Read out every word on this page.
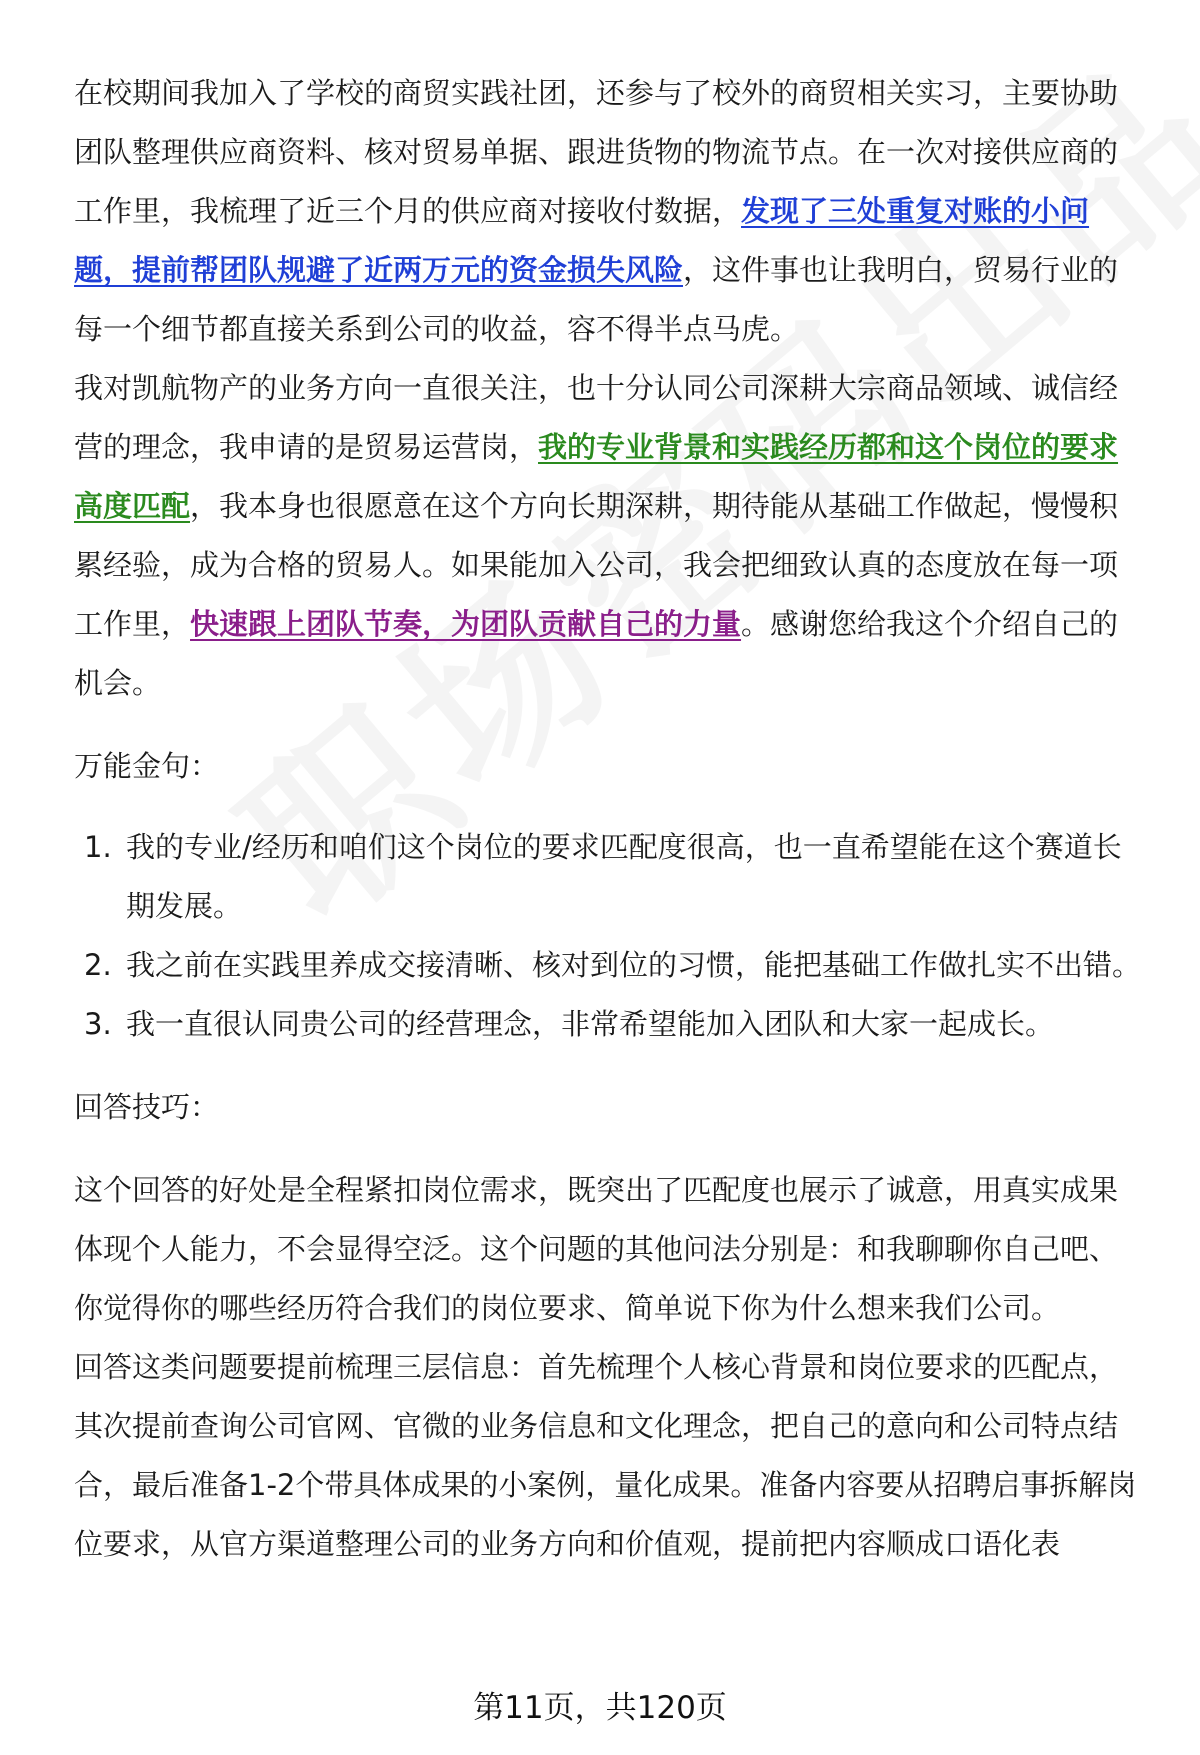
在校期间我加入了学校的商贸实践社团，还参与了校外的商贸相关实习，主要协助团队整理供应商资料、核对贸易单据、跟进货物的物流节点。在一次对接供应商的工作里，我梳理了近三个月的供应商对接收付数据，发现了三处重复对账的小问题，提前帮团队规避了近两万元的资金损失风险，这件事也让我明白，贸易行业的每一个细节都直接关系到公司的收益，容不得半点马虎。

我对凯航物产的业务方向一直很关注，也十分认同公司深耕大宗商品领域、诚信经营的理念，我申请的是贸易运营岗，我的专业背景和实践经历都和这个岗位的要求高度匹配，我本身也很愿意在这个方向长期深耕，期待能从基础工作做起，慢慢积累经验，成为合格的贸易人。如果能加入公司，我会把细致认真的态度放在每一项工作里，快速跟上团队节奏，为团队贡献自己的力量。感谢您给我这个介绍自己的机会。

万能金句：

1. 我的专业/经历和咱们这个岗位的要求匹配度很高，也一直希望能在这个赛道长期发展。
2. 我之前在实践里养成交接清晰、核对到位的习惯，能把基础工作做扎实不出错。
3. 我一直很认同贵公司的经营理念，非常希望能加入团队和大家一起成长。

回答技巧：

这个回答的好处是全程紧扣岗位需求，既突出了匹配度也展示了诚意，用真实成果体现个人能力，不会显得空泛。这个问题的其他问法分别是：和我聊聊你自己吧、你觉得你的哪些经历符合我们的岗位要求、简单说下你为什么想来我们公司。

回答这类问题要提前梳理三层信息：首先梳理个人核心背景和岗位要求的匹配点，其次提前查询公司官网、官微的业务信息和文化理念，把自己的意向和公司特点结合，最后准备1-2个带具体成果的小案例，量化成果。准备内容要从招聘启事拆解岗位要求，从官方渠道整理公司的业务方向和价值观，提前把内容顺成口语化表

第11页，共120页
